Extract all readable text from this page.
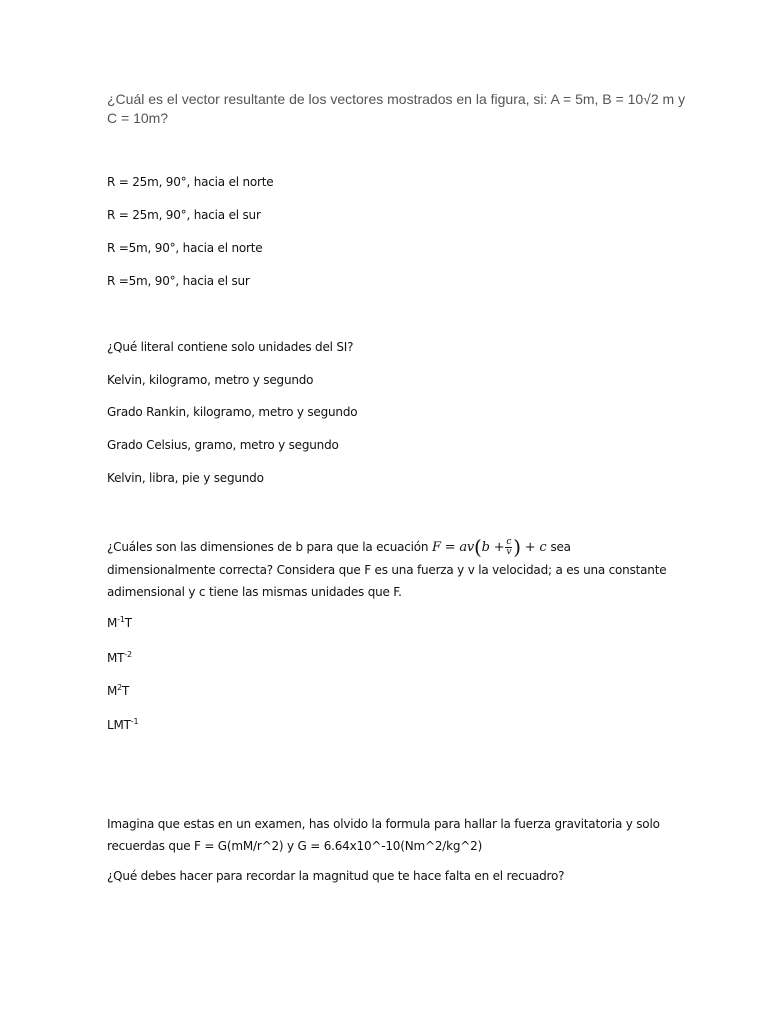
¿Cuál es el vector resultante de los vectores mostrados en la figura, si: A = 5m, B = 10√2 m y C = 10m?
R = 25m, 90°, hacia el norte
R = 25m, 90°, hacia el sur
R =5m, 90°, hacia el norte
R =5m, 90°, hacia el sur
¿Qué literal contiene solo unidades del SI?
Kelvin, kilogramo, metro y segundo
Grado Rankin, kilogramo, metro y segundo
Grado Celsius, gramo, metro y segundo
Kelvin, libra, pie y segundo
¿Cuáles son las dimensiones de b para que la ecuación $F = av(b + \frac{c}{v}$ ) + c sea dimensionalmente correcta? Considera que F es una fuerza y v la velocidad; a es una constante adimensional y c tiene las mismas unidades que F.
$M^{-1}T$
$MT^{-2}$
$M^2T$
$LMT^{-1}$
Imagina que estas en un examen, has olvido la formula para hallar la fuerza gravitatoria y solo recuerdas que F = G(mM/r^2) y G = 6.64x10^-10(Nm^2/kg^2)
¿Qué debes hacer para recordar la magnitud que te hace falta en el recuadro?
